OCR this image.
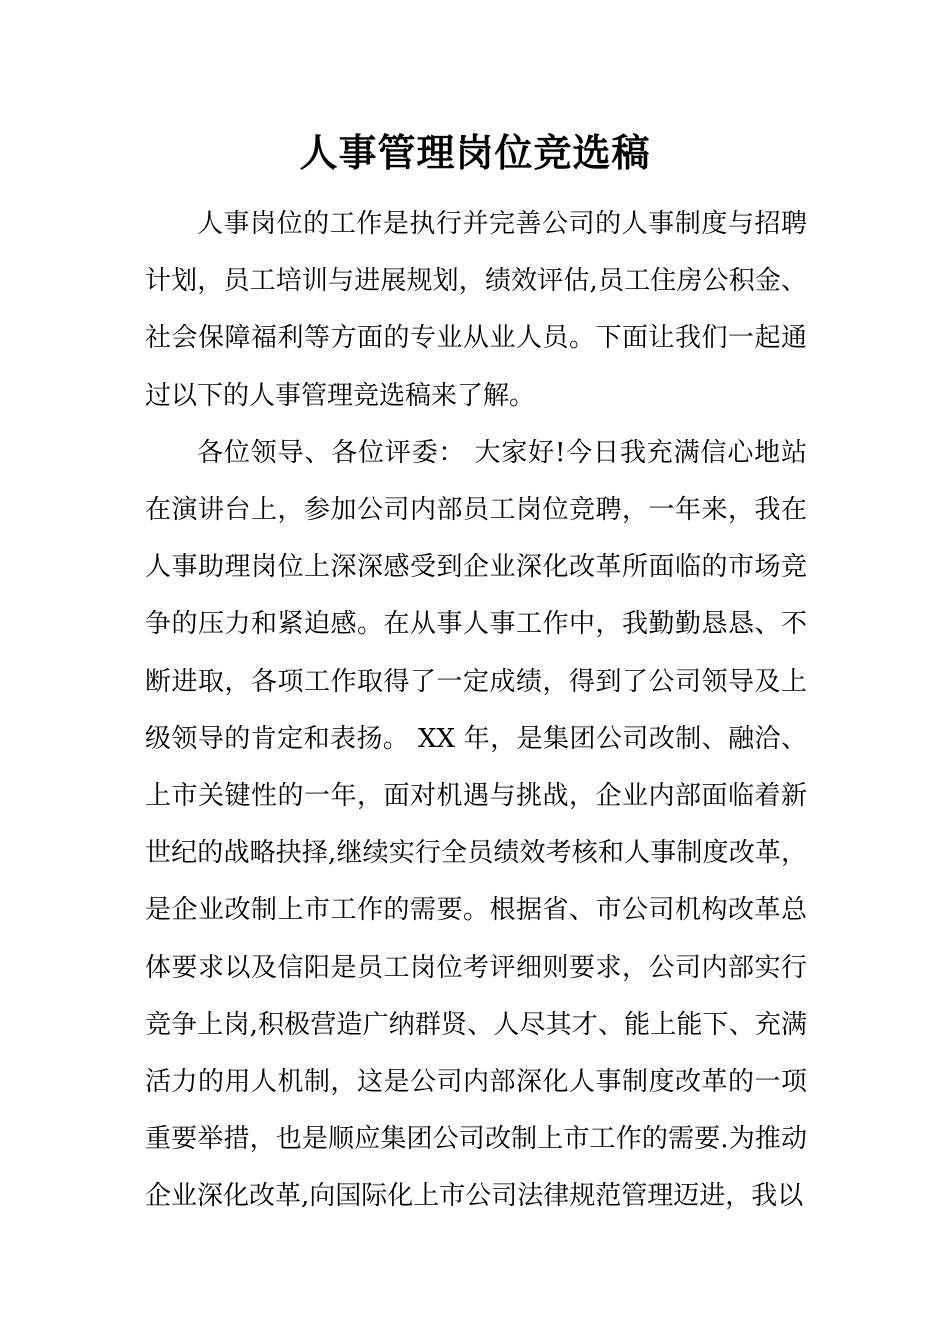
人事管理岗位竞选稿

人事岗位的工作是执行并完善公司的人事制度与招聘计划，员工培训与进展规划，绩效评估,员工住房公积金、社会保障福利等方面的专业从业人员。下面让我们一起通过以下的人事管理竞选稿来了解。

各位领导、各位评委： 大家好!今日我充满信心地站在演讲台上，参加公司内部员工岗位竞聘，一年来，我在人事助理岗位上深深感受到企业深化改革所面临的市场竞争的压力和紧迫感。在从事人事工作中，我勤勤恳恳、不断进取，各项工作取得了一定成绩，得到了公司领导及上级领导的肯定和表扬。 XX 年，是集团公司改制、融洽、上市关键性的一年，面对机遇与挑战，企业内部面临着新世纪的战略抉择,继续实行全员绩效考核和人事制度改革，是企业改制上市工作的需要。根据省、市公司机构改革总体要求以及信阳是员工岗位考评细则要求，公司内部实行竞争上岗,积极营造广纳群贤、人尽其才、能上能下、充满活力的用人机制，这是公司内部深化人事制度改革的一项重要举措，也是顺应集团公司改制上市工作的需要.为推动企业深化改革,向国际化上市公司法律规范管理迈进，我以
